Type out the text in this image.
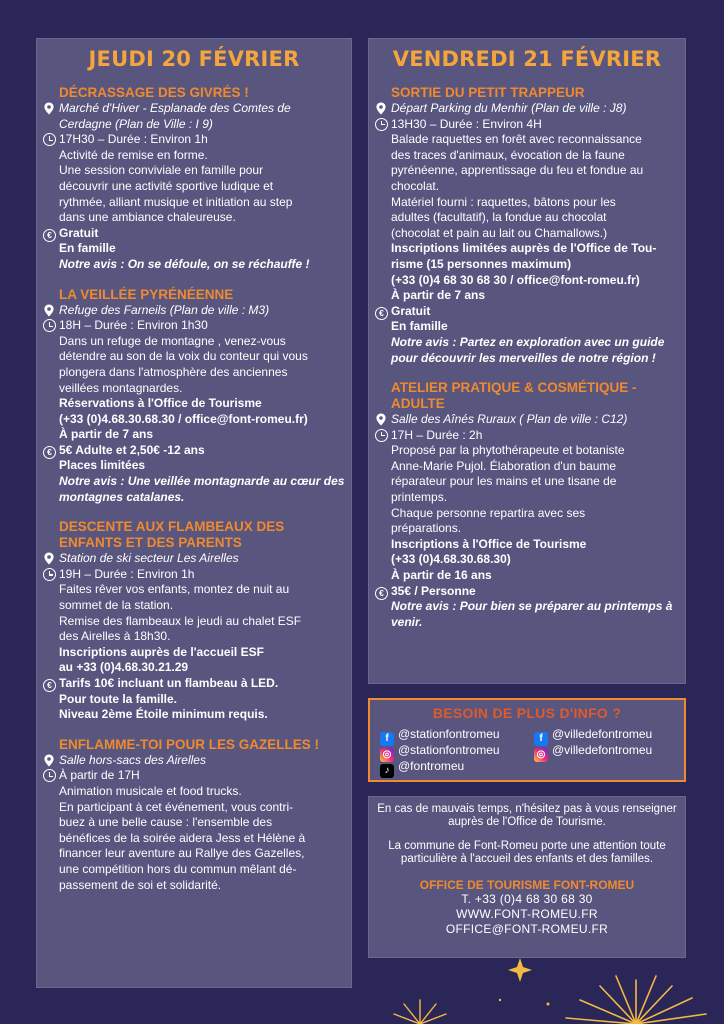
JEUDI 20 FÉVRIER
DÉCRASSAGE DES GIVRÉS !
Marché d'Hiver - Esplanade des Comtes de
Cerdagne (Plan de Ville : I 9)
17H30 – Durée : Environ 1h
Activité de remise en forme.
Une session conviviale en famille pour
découvrir une activité sportive ludique et
rythmée, alliant musique et initiation au step
dans une ambiance chaleureuse.
€ Gratuit
En famille
Notre avis : On se défoule, on se réchauffe !
LA VEILLÉE PYRÉNÉENNE
Refuge des Farneils (Plan de ville : M3)
18H – Durée : Environ 1h30
Dans un refuge de montagne , venez-vous
détendre au son de la voix du conteur qui vous
plongera dans l'atmosphère des anciennes
veillées montagnardes.
Réservations à l'Office de Tourisme
(+33 (0)4.68.30.68.30 / office@font-romeu.fr)
À partir de 7 ans
€ 5€ Adulte et 2,50€ -12 ans
Places limitées
Notre avis : Une veillée montagnarde au cœur des montagnes catalanes.
DESCENTE AUX FLAMBEAUX DES
ENFANTS ET DES PARENTS
Station de ski secteur Les Airelles
19H – Durée : Environ 1h
Faites rêver vos enfants, montez de nuit au
sommet de la station.
Remise des flambeaux le jeudi au chalet ESF
des Airelles à 18h30.
Inscriptions auprès de l'accueil ESF
au +33 (0)4.68.30.21.29
€ Tarifs 10€ incluant un flambeau à LED.
Pour toute la famille.
Niveau 2ème Étoile minimum requis.
ENFLAMME-TOI POUR LES GAZELLES !
Salle hors-sacs des Airelles
À partir de 17H
Animation musicale et food trucks.
En participant à cet événement, vous contri-
buez à une belle cause : l'ensemble des
bénéfices de la soirée aidera Jess et Hélène à
financer leur aventure au Rallye des Gazelles,
une compétition hors du commun mêlant dé-
passement de soi et solidarité.
VENDREDI 21 FÉVRIER
SORTIE DU PETIT TRAPPEUR
Départ Parking du Menhir (Plan de ville : J8)
13H30 – Durée : Environ 4H
Balade raquettes en forêt avec reconnaissance
des traces d'animaux, évocation de la faune
pyrénéenne, apprentissage du feu et fondue au
chocolat.
Matériel fourni : raquettes, bâtons pour les
adultes (facultatif), la fondue au chocolat
(chocolat et pain au lait ou Chamallows.)
Inscriptions limitées auprès de l'Office de Tou-
risme (15 personnes maximum)
(+33 (0)4 68 30 68 30 / office@font-romeu.fr)
À partir de 7 ans
€ Gratuit
En famille
Notre avis : Partez en exploration avec un guide pour découvrir les merveilles de notre région !
ATELIER PRATIQUE & COSMÉTIQUE -
ADULTE
Salle des Aînés Ruraux ( Plan de ville : C12)
17H – Durée : 2h
Proposé par la phytothérapeute et botaniste
Anne-Marie Pujol. Élaboration d'un baume
réparateur pour les mains et une tisane de
printemps.
Chaque personne repartira avec ses
préparations.
Inscriptions à l'Office de Tourisme
(+33 (0)4.68.30.68.30)
À partir de 16 ans
€ 35€ / Personne
Notre avis : Pour bien se préparer au printemps à venir.
BESOIN DE PLUS D'INFO ?
f @stationfontromeu
◎ @stationfontromeu
♪ @fontromeu
f @villedefontromeu
◎ @villedefontromeu
En cas de mauvais temps, n'hésitez pas à vous renseigner auprès de l'Office de Tourisme.
La commune de Font-Romeu porte une attention toute particulière à l'accueil des enfants et des familles.
OFFICE DE TOURISME FONT-ROMEU
T. +33 (0)4 68 30 68 30
WWW.FONT-ROMEU.FR
OFFICE@FONT-ROMEU.FR
